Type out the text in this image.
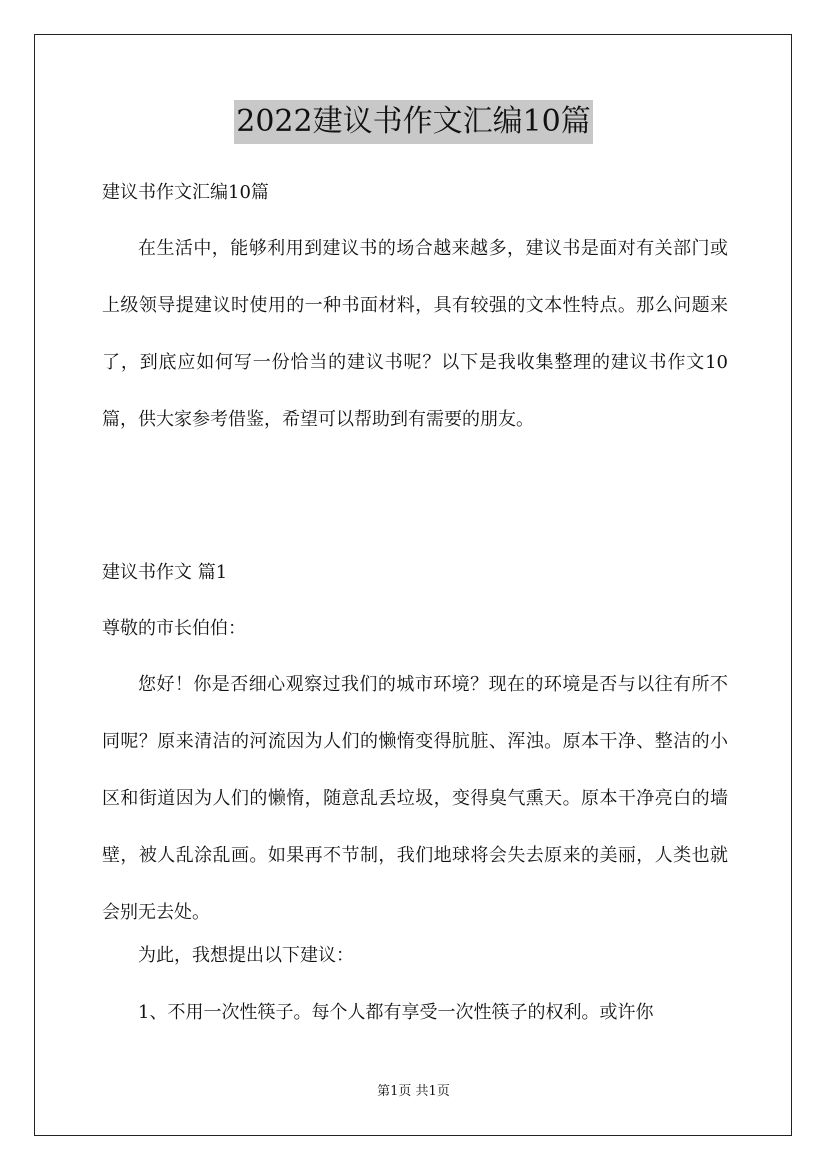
2022建议书作文汇编10篇
建议书作文汇编10篇
在生活中，能够利用到建议书的场合越来越多，建议书是面对有关部门或上级领导提建议时使用的一种书面材料，具有较强的文本性特点。那么问题来了，到底应如何写一份恰当的建议书呢？以下是我收集整理的建议书作文10篇，供大家参考借鉴，希望可以帮助到有需要的朋友。
建议书作文 篇1
尊敬的市长伯伯：
您好！你是否细心观察过我们的城市环境？现在的环境是否与以往有所不同呢？原来清洁的河流因为人们的懒惰变得肮脏、浑浊。原本干净、整洁的小区和街道因为人们的懒惰，随意乱丢垃圾，变得臭气熏天。原本干净亮白的墙壁，被人乱涂乱画。如果再不节制，我们地球将会失去原来的美丽，人类也就会别无去处。
为此，我想提出以下建议：
1、不用一次性筷子。每个人都有享受一次性筷子的权利。或许你
第1页 共1页
